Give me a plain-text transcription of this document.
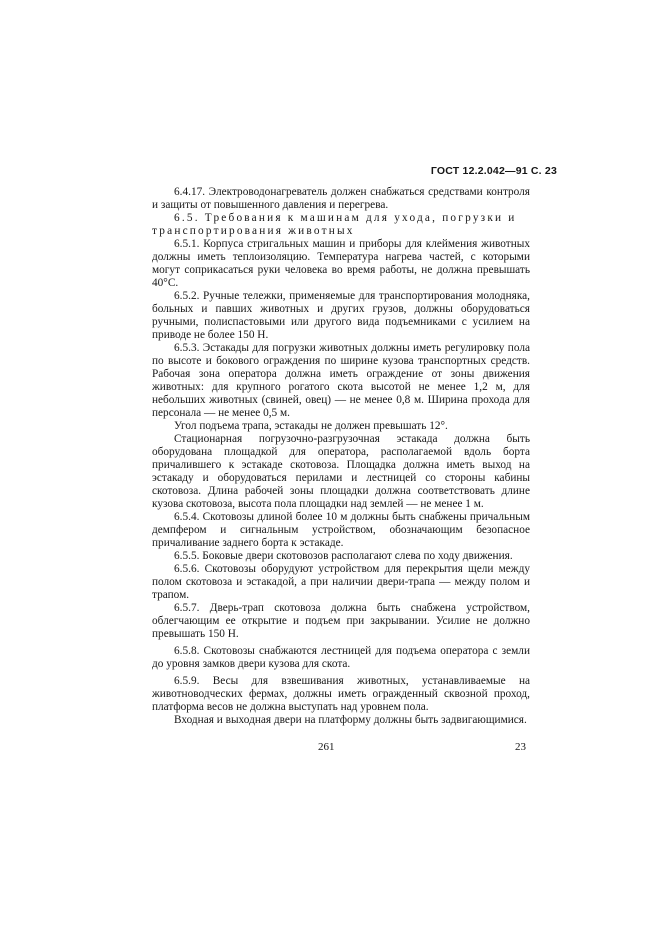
ГОСТ 12.2.042—91 С. 23

6.4.17. Электроводонагреватель должен снабжаться средствами контроля и защиты от повышенного давления и перегрева.

6.5. Требования к машинам для ухода, погрузки и транспортирования животных

6.5.1. Корпуса стригальных машин и приборы для клеймения животных должны иметь теплоизоляцию. Температура нагрева частей, с которыми могут соприкасаться руки человека во время работы, не должна превышать 40°С.

6.5.2. Ручные тележки, применяемые для транспортирования молодняка, больных и павших животных и других грузов, должны оборудоваться ручными, полиспастовыми или другого вида подъемниками с усилием на приводе не более 150 Н.

6.5.3. Эстакады для погрузки животных должны иметь регулировку пола по высоте и бокового ограждения по ширине кузова транспортных средств. Рабочая зона оператора должна иметь ограждение от зоны движения животных: для крупного рогатого скота высотой не менее 1,2 м, для небольших животных (свиней, овец) — не менее 0,8 м. Ширина прохода для персонала — не менее 0,5 м.

Угол подъема трапа, эстакады не должен превышать 12°.

Стационарная погрузочно-разгрузочная эстакада должна быть оборудована площадкой для оператора, располагаемой вдоль борта причалившего к эстакаде скотовоза. Площадка должна иметь выход на эстакаду и оборудоваться перилами и лестницей со стороны кабины скотовоза. Длина рабочей зоны площадки должна соответствовать длине кузова скотовоза, высота пола площадки над землей — не менее 1 м.

6.5.4. Скотовозы длиной более 10 м должны быть снабжены причальным демпфером и сигнальным устройством, обозначающим безопасное причаливание заднего борта к эстакаде.

6.5.5. Боковые двери скотовозов располагают слева по ходу движения.

6.5.6. Скотовозы оборудуют устройством для перекрытия щели между полом скотовоза и эстакадой, а при наличии двери-трапа — между полом и трапом.

6.5.7. Дверь-трап скотовоза должна быть снабжена устройством, облегчающим ее открытие и подъем при закрывании. Усилие не должно превышать 150 Н.

6.5.8. Скотовозы снабжаются лестницей для подъема оператора с земли до уровня замков двери кузова для скота.

6.5.9. Весы для взвешивания животных, устанавливаемые на животноводческих фермах, должны иметь огражденный сквозной проход, платформа весов не должна выступать над уровнем пола.

Входная и выходная двери на платформу должны быть задвигающимися.

261	23
